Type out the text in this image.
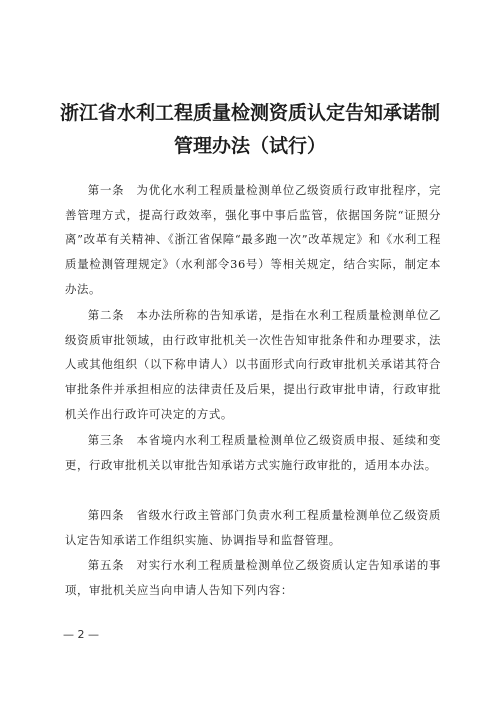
浙江省水利工程质量检测资质认定告知承诺制
管理办法（试行）

第一条　为优化水利工程质量检测单位乙级资质行政审批程序，完善管理方式，提高行政效率，强化事中事后监管，依据国务院“证照分离”改革有关精神、《浙江省保障“最多跑一次”改革规定》和《水利工程质量检测管理规定》（水利部令36号）等相关规定，结合实际，制定本办法。

第二条　本办法所称的告知承诺，是指在水利工程质量检测单位乙级资质审批领域，由行政审批机关一次性告知审批条件和办理要求，法人或其他组织（以下称申请人）以书面形式向行政审批机关承诺其符合审批条件并承担相应的法律责任及后果，提出行政审批申请，行政审批机关作出行政许可决定的方式。

第三条　本省境内水利工程质量检测单位乙级资质申报、延续和变更，行政审批机关以审批告知承诺方式实施行政审批的，适用本办法。

第四条　省级水行政主管部门负责水利工程质量检测单位乙级资质认定告知承诺工作组织实施、协调指导和监督管理。

第五条　对实行水利工程质量检测单位乙级资质认定告知承诺的事项，审批机关应当向申请人告知下列内容：

— 2 —
